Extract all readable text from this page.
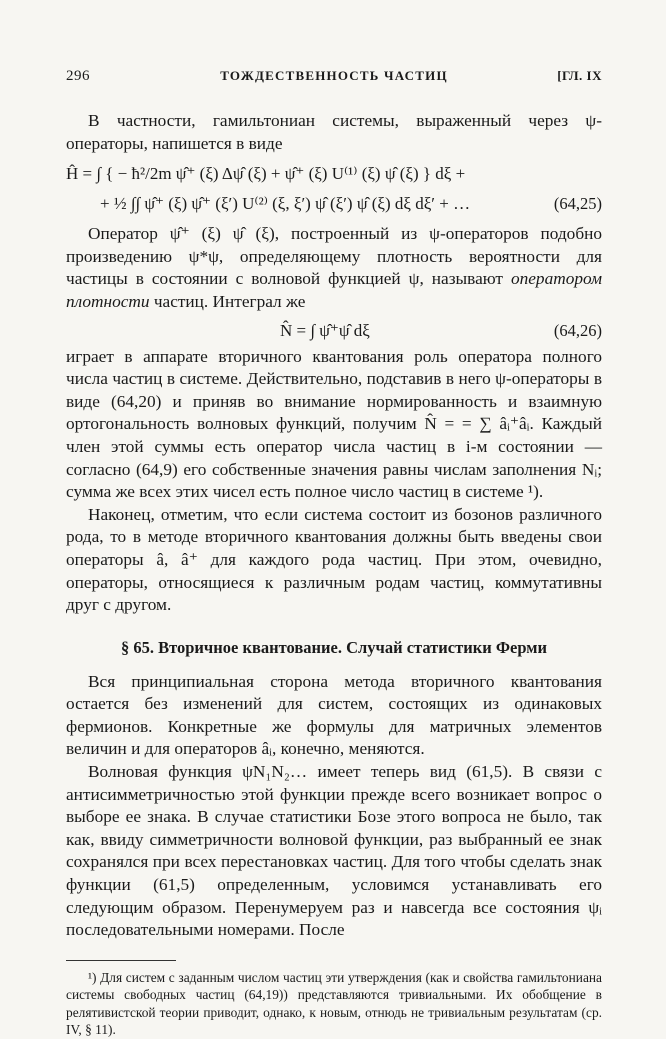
296	ТОЖДЕСТВЕННОСТЬ ЧАСТИЦ	[ГЛ. IX

В частности, гамильтониан системы, выраженный через ψ-операторы, напишется в виде

Ĥ = ∫ { − ħ²/2m ψ̂⁺ (ξ) Δψ̂ (ξ) + ψ̂⁺ (ξ) U⁽¹⁾ (ξ) ψ̂ (ξ) } dξ +
+ ½ ∫∫ ψ̂⁺ (ξ) ψ̂⁺ (ξ′) U⁽²⁾ (ξ, ξ′) ψ̂ (ξ′) ψ̂ (ξ) dξ dξ′ + …	(64,25)

Оператор ψ̂⁺ (ξ) ψ̂ (ξ), построенный из ψ-операторов подобно произведению ψ*ψ, определяющему плотность вероятности для частицы в состоянии с волновой функцией ψ, называют оператором плотности частиц. Интеграл же

N̂ = ∫ ψ̂⁺ψ̂ dξ	(64,26)

играет в аппарате вторичного квантования роль оператора полного числа частиц в системе. Действительно, подставив в него ψ-операторы в виде (64,20) и приняв во внимание нормированность и взаимную ортогональность волновых функций, получим N̂ = = ∑ âᵢ⁺âᵢ. Каждый член этой суммы есть оператор числа частиц в i-м состоянии — согласно (64,9) его собственные значения равны числам заполнения Nᵢ; сумма же всех этих чисел есть полное число частиц в системе ¹).

Наконец, отметим, что если система состоит из бозонов различного рода, то в методе вторичного квантования должны быть введены свои операторы â, â⁺ для каждого рода частиц. При этом, очевидно, операторы, относящиеся к различным родам частиц, коммутативны друг с другом.

§ 65. Вторичное квантование. Случай статистики Ферми

Вся принципиальная сторона метода вторичного квантования остается без изменений для систем, состоящих из одинаковых фермионов. Конкретные же формулы для матричных элементов величин и для операторов âᵢ, конечно, меняются.

Волновая функция ψN₁N₂… имеет теперь вид (61,5). В связи с антисимметричностью этой функции прежде всего возникает вопрос о выборе ее знака. В случае статистики Бозе этого вопроса не было, так как, ввиду симметричности волновой функции, раз выбранный ее знак сохранялся при всех перестановках частиц. Для того чтобы сделать знак функции (61,5) определенным, условимся устанавливать его следующим образом. Перенумеруем раз и навсегда все состояния ψᵢ последовательными номерами. После

¹) Для систем с заданным числом частиц эти утверждения (как и свойства гамильтониана системы свободных частиц (64,19)) представляются тривиальными. Их обобщение в релятивистской теории приводит, однако, к новым, отнюдь не тривиальным результатам (ср. IV, § 11).
